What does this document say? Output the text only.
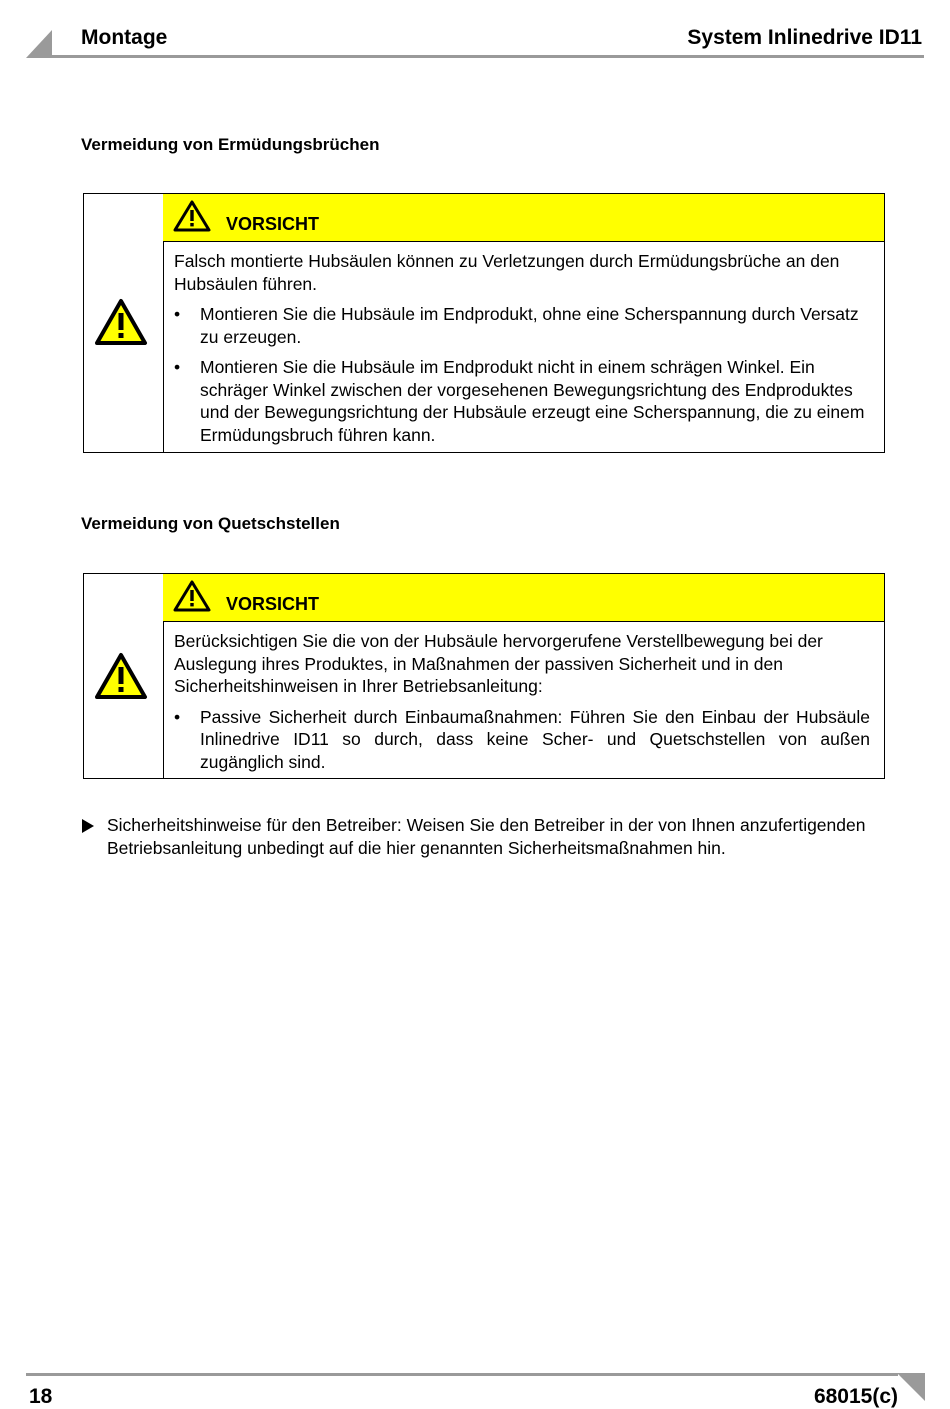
Montage	System Inlinedrive ID11
Vermeidung von Ermüdungsbrüchen
VORSICHT

Falsch montierte Hubsäulen können zu Verletzungen durch Ermüdungsbrüche an den Hubsäulen führen.

• Montieren Sie die Hubsäule im Endprodukt, ohne eine Scherspannung durch Versatz zu erzeugen.
• Montieren Sie die Hubsäule im Endprodukt nicht in einem schrägen Winkel. Ein schräger Winkel zwischen der vorgesehenen Bewegungsrichtung des Endproduktes und der Bewegungsrichtung der Hubsäule erzeugt eine Scherspannung, die zu einem Ermüdungsbruch führen kann.
Vermeidung von Quetschstellen
VORSICHT

Berücksichtigen Sie die von der Hubsäule hervorgerufene Verstellbewegung bei der Auslegung ihres Produktes, in Maßnahmen der passiven Sicherheit und in den Sicherheitshinweisen in Ihrer Betriebsanleitung:

• Passive Sicherheit durch Einbaumaßnahmen: Führen Sie den Einbau der Hubsäule Inlinedrive ID11 so durch, dass keine Scher- und Quetschstellen von außen zugänglich sind.
Sicherheitshinweise für den Betreiber: Weisen Sie den Betreiber in der von Ihnen anzufertigenden Betriebsanleitung unbedingt auf die hier genannten Sicherheitsmaßnahmen hin.
18	68015(c)
